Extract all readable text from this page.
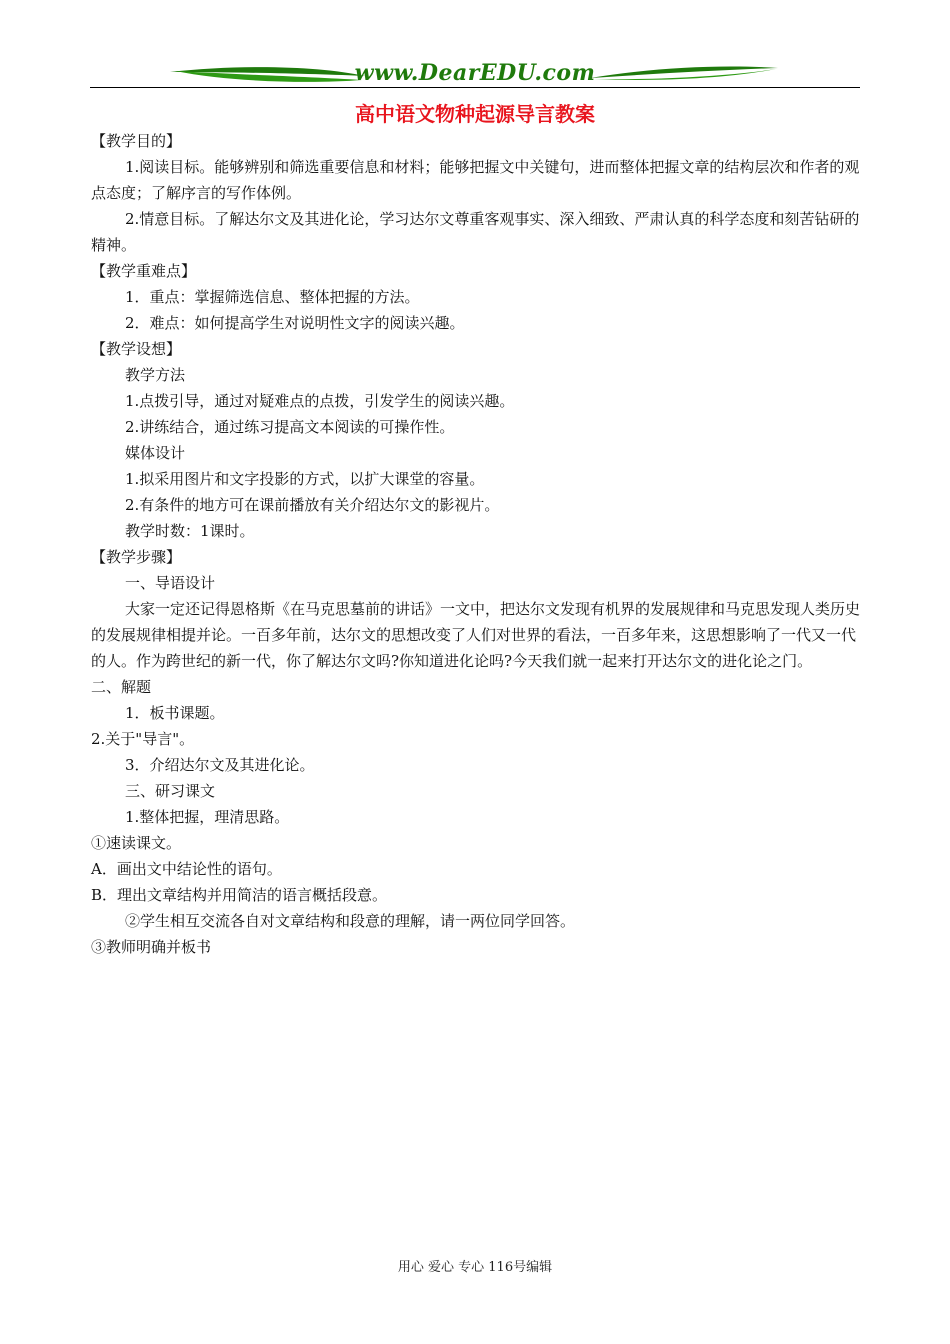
www.DearEDU.com
高中语文物种起源导言教案

【教学目的】

1.阅读目标。能够辨别和筛选重要信息和材料；能够把握文中关键句，进而整体把握文章的结构层次和作者的观点态度；了解序言的写作体例。

2.情意目标。了解达尔文及其进化论，学习达尔文尊重客观事实、深入细致、严肃认真的科学态度和刻苦钻研的精神。

【教学重难点】

1．重点：掌握筛选信息、整体把握的方法。

2．难点：如何提高学生对说明性文字的阅读兴趣。

【教学设想】

教学方法

1.点拨引导，通过对疑难点的点拨，引发学生的阅读兴趣。

2.讲练结合，通过练习提高文本阅读的可操作性。

媒体设计

1.拟采用图片和文字投影的方式，以扩大课堂的容量。

2.有条件的地方可在课前播放有关介绍达尔文的影视片。

教学时数：1课时。

【教学步骤】

一、导语设计

大家一定还记得恩格斯《在马克思墓前的讲话》一文中，把达尔文发现有机界的发展规律和马克思发现人类历史的发展规律相提并论。一百多年前，达尔文的思想改变了人们对世界的看法，一百多年来，这思想影响了一代又一代的人。作为跨世纪的新一代，你了解达尔文吗?你知道进化论吗?今天我们就一起来打开达尔文的进化论之门。

二、解题

1．板书课题。

2.关于"导言"。

3．介绍达尔文及其进化论。

三、研习课文

1.整体把握，理清思路。

①速读课文。

A．画出文中结论性的语句。

B．理出文章结构并用简洁的语言概括段意。

②学生相互交流各自对文章结构和段意的理解，请一两位同学回答。

③教师明确并板书

用心 爱心 专心 116号编辑
